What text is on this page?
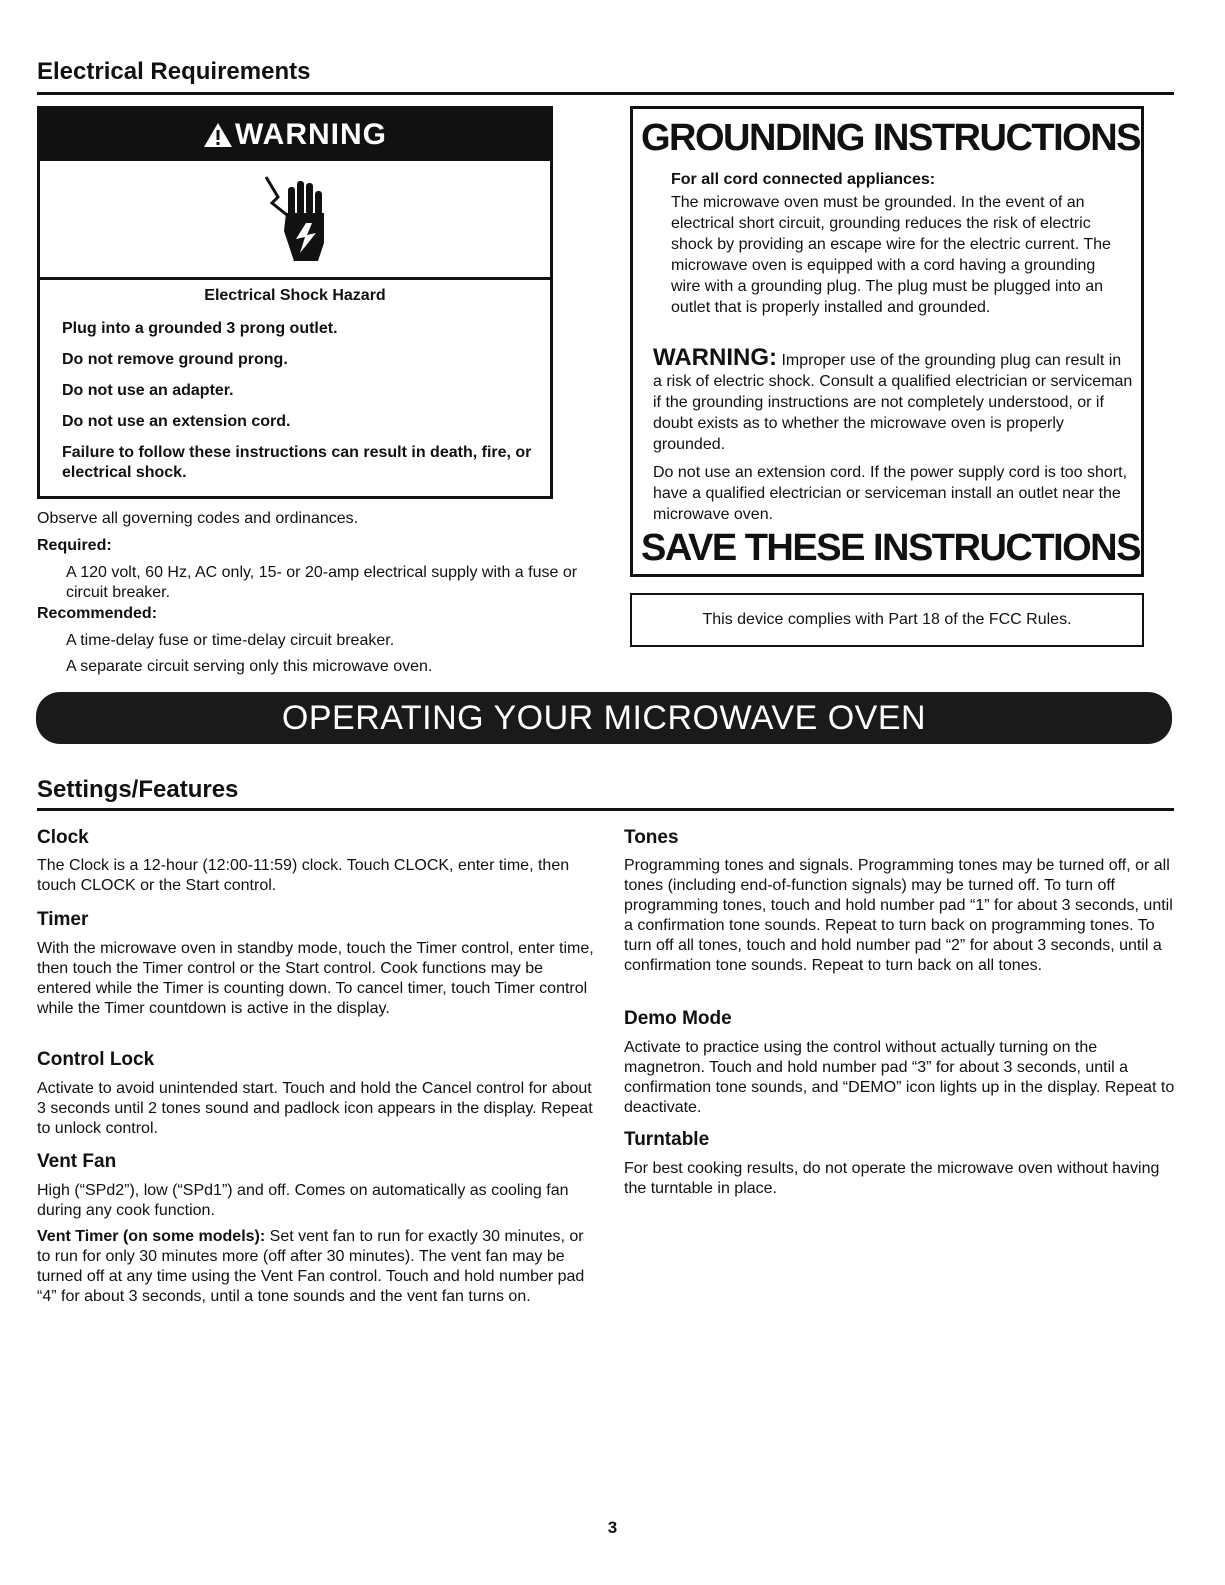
Electrical Requirements
WARNING
Electrical Shock Hazard
Plug into a grounded 3 prong outlet.
Do not remove ground prong.
Do not use an adapter.
Do not use an extension cord.
Failure to follow these instructions can result in death, fire, or electrical shock.
Observe all governing codes and ordinances.
Required:
A 120 volt, 60 Hz, AC only, 15- or 20-amp electrical supply with a fuse or circuit breaker.
Recommended:
A time-delay fuse or time-delay circuit breaker.
A separate circuit serving only this microwave oven.
GROUNDING INSTRUCTIONS
For all cord connected appliances:
The microwave oven must be grounded. In the event of an electrical short circuit, grounding reduces the risk of electric shock by providing an escape wire for the electric current. The microwave oven is equipped with a cord having a grounding wire with a grounding plug. The plug must be plugged into an outlet that is properly installed and grounded.
WARNING: Improper use of the grounding plug can result in a risk of electric shock. Consult a qualified electrician or serviceman if the grounding instructions are not completely understood, or if doubt exists as to whether the microwave oven is properly grounded.
Do not use an extension cord. If the power supply cord is too short, have a qualified electrician or serviceman install an outlet near the microwave oven.
SAVE THESE INSTRUCTIONS
This device complies with Part 18 of the FCC Rules.
OPERATING YOUR MICROWAVE OVEN
Settings/Features
Clock
The Clock is a 12-hour (12:00-11:59) clock. Touch CLOCK, enter time, then touch CLOCK or the Start control.
Timer
With the microwave oven in standby mode, touch the Timer control, enter time, then touch the Timer control or the Start control. Cook functions may be entered while the Timer is counting down. To cancel timer, touch Timer control while the Timer countdown is active in the display.
Control Lock
Activate to avoid unintended start. Touch and hold the Cancel control for about 3 seconds until 2 tones sound and padlock icon appears in the display. Repeat to unlock control.
Vent Fan
High (“SPd2”), low (“SPd1”) and off. Comes on automatically as cooling fan during any cook function.
Vent Timer (on some models): Set vent fan to run for exactly 30 minutes, or to run for only 30 minutes more (off after 30 minutes). The vent fan may be turned off at any time using the Vent Fan control. Touch and hold number pad “4” for about 3 seconds, until a tone sounds and the vent fan turns on.
Tones
Programming tones and signals. Programming tones may be turned off, or all tones (including end-of-function signals) may be turned off. To turn off programming tones, touch and hold number pad “1” for about 3 seconds, until a confirmation tone sounds. Repeat to turn back on programming tones. To turn off all tones, touch and hold number pad “2” for about 3 seconds, until a confirmation tone sounds. Repeat to turn back on all tones.
Demo Mode
Activate to practice using the control without actually turning on the magnetron. Touch and hold number pad “3” for about 3 seconds, until a confirmation tone sounds, and “DEMO” icon lights up in the display. Repeat to deactivate.
Turntable
For best cooking results, do not operate the microwave oven without having the turntable in place.
3
